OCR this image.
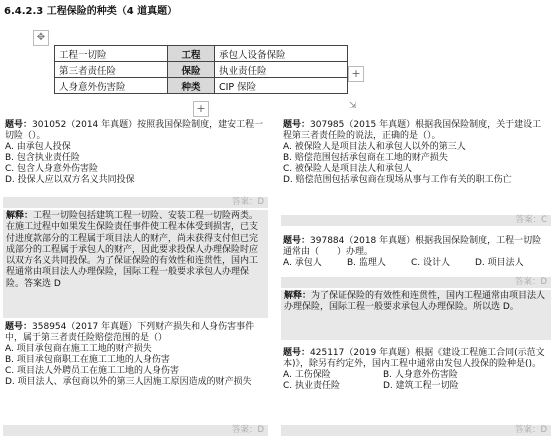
6.4.2.3 工程保险的种类（4 道真题）
✥
工程一切险	工程	承包人设备保险
第三者责任险	保险	执业责任险
人身意外伤害险	种类	CIP 保险
+
+	⇲
题号：301052（2014 年真题）按照我国保险制度，建安工程一切险（）。
A. 由承包人投保
B. 包含执业责任险
C. 包含人身意外伤害险
D. 投保人应以双方名义共同投保
答案：D
解释：工程一切险包括建筑工程一切险、安装工程一切险两类。在施工过程中如果发生保险责任事件使工程本体受到损害，已支付进度款部分的工程属于项目法人的财产，尚未获得支付但已完成部分的工程属于承包人的财产，因此要求投保人办理保险时应以双方名义共同投保。为了保证保险的有效性和连贯性，国内工程通常由项目法人办理保险，国际工程一般要求承包人办理保险。答案选 D
题号：358954（2017 年真题）下列财产损失和人身伤害事件中，属于第三者责任险赔偿范围的是（）
A. 项目承包商在施工工地的财产损失
B. 项目承包商职工在施工工地的人身伤害
C. 项目法人外聘员工在施工工地的人身伤害
D. 项目法人、承包商以外的第三人因施工原因造成的财产损失
答案：D
题号：307985（2015 年真题）根据我国保险制度，关于建设工程第三者责任险的说法，正确的是（）。
A. 被保险人是项目法人和承包人以外的第三人
B. 赔偿范围包括承包商在工地的财产损失
C. 被保险人是项目法人和承包人
D. 赔偿范围包括承包商在现场从事与工作有关的职工伤亡
答案：C
题号：397884（2018 年真题）根据我国保险制度，工程一切险通常由（　　）办理。
A. 承包人	B. 监理人	C. 设计人	D. 项目法人
答案：D
解释：为了保证保险的有效性和连贯性，国内工程通常由项目法人办理保险，国际工程一般要求承包人办理保险。所以选 D。
题号：425117（2019 年真题）根据《建设工程施工合同(示范文本)》，除另有约定外，国内工程中通常由发包人投保的险种是()。
A. 工伤保险	B. 人身意外伤害险
C. 执业责任险	D. 建筑工程一切险
答案：D
